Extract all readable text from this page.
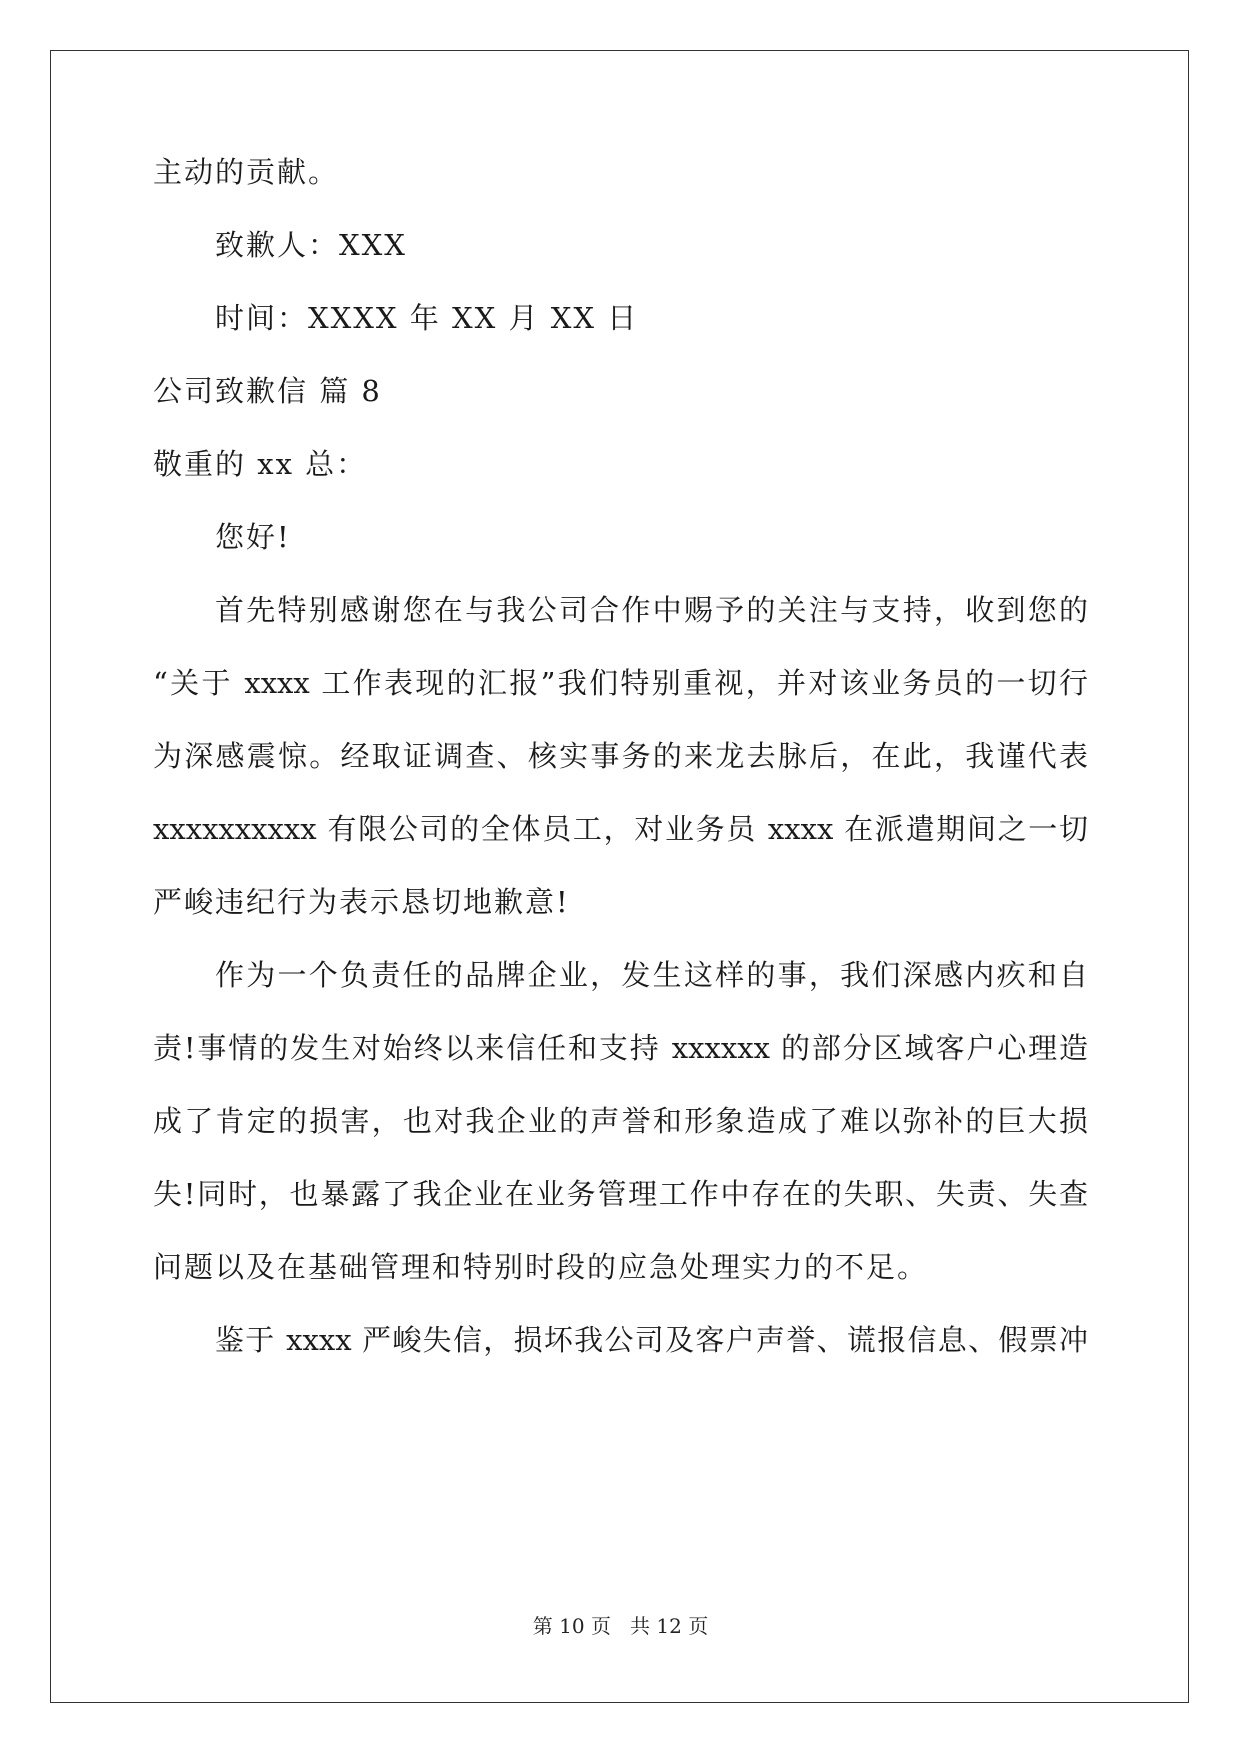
主动的贡献。
致歉人：XXX
时间：XXXX 年 XX 月 XX 日
公司致歉信 篇 8
敬重的 xx 总：
您好!
首先特别感谢您在与我公司合作中赐予的关注与支持，收到您的
“关于 xxxx 工作表现的汇报”我们特别重视，并对该业务员的一切行
为深感震惊。经取证调查、核实事务的来龙去脉后，在此，我谨代表
xxxxxxxxxx 有限公司的全体员工，对业务员 xxxx 在派遣期间之一切
严峻违纪行为表示恳切地歉意!
作为一个负责任的品牌企业，发生这样的事，我们深感内疚和自
责!事情的发生对始终以来信任和支持 xxxxxx 的部分区域客户心理造
成了肯定的损害，也对我企业的声誉和形象造成了难以弥补的巨大损
失!同时，也暴露了我企业在业务管理工作中存在的失职、失责、失查
问题以及在基础管理和特别时段的应急处理实力的不足。
鉴于 xxxx 严峻失信，损坏我公司及客户声誉、谎报信息、假票冲
第 10 页 共 12 页
